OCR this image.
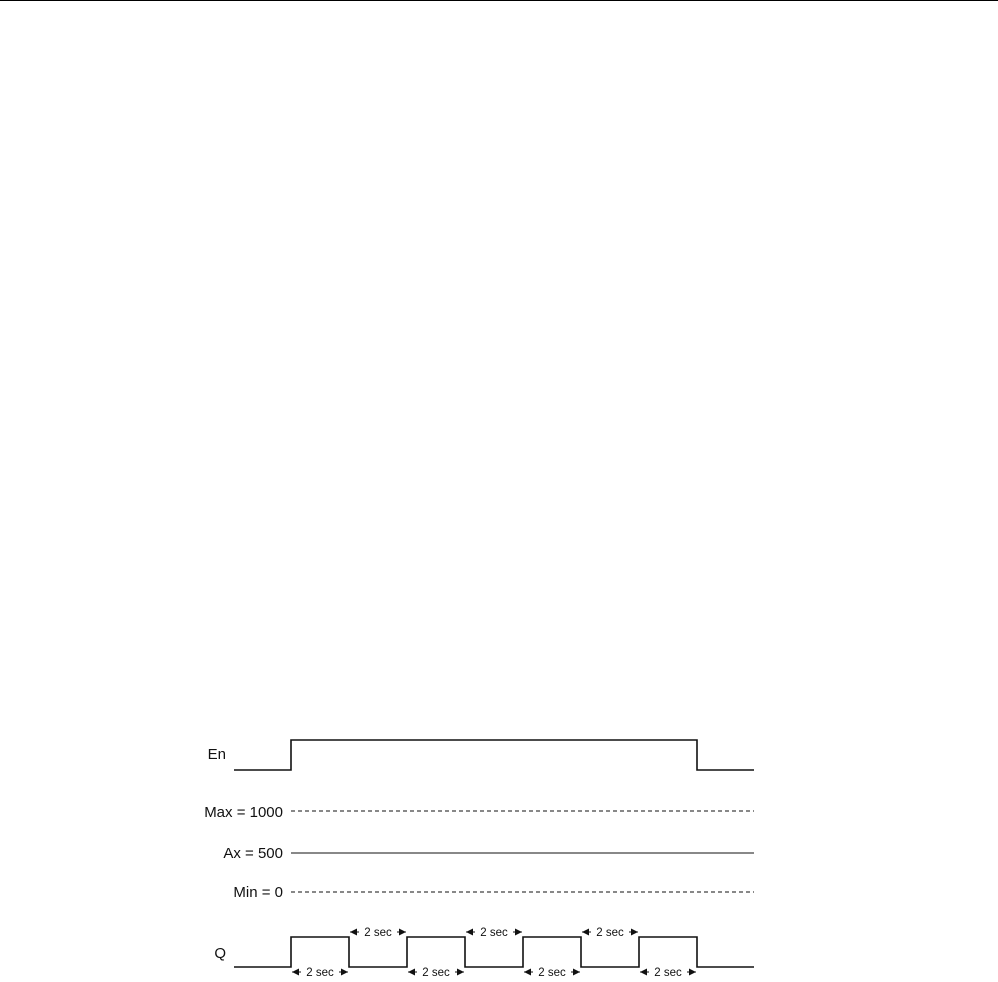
En
Max = 1000
Ax = 500
Min = 0
Q
2 sec
2 sec
2 sec
2 sec
2 sec
2 sec
2 sec
